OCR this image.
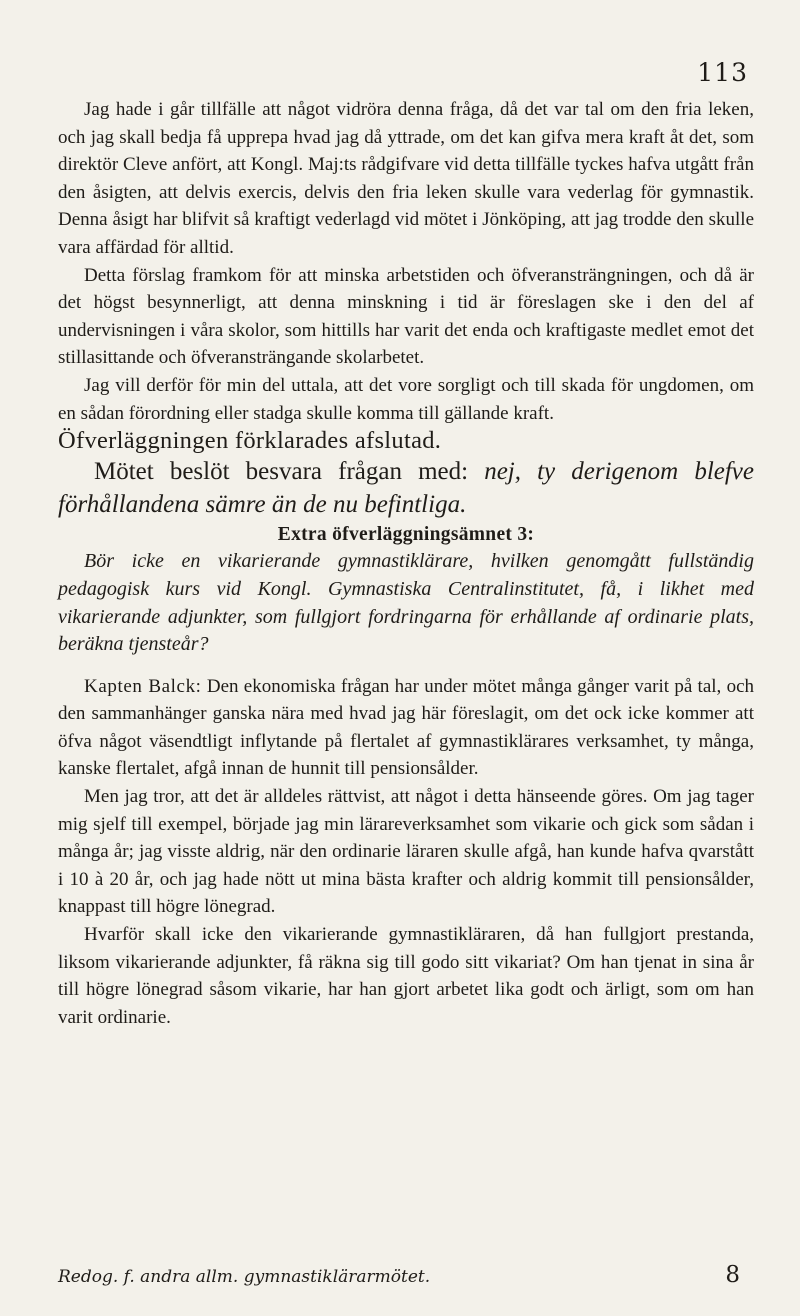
113

Jag hade i går tillfälle att något vidröra denna fråga, då det var tal om den fria leken, och jag skall bedja få upprepa hvad jag då yttrade, om det kan gifva mera kraft åt det, som direktör Cleve anfört, att Kongl. Maj:ts rådgifvare vid detta tillfälle tyckes hafva utgått från den åsigten, att delvis exercis, delvis den fria leken skulle vara vederlag för gymnastik. Denna åsigt har blifvit så kraftigt vederlagd vid mötet i Jönköping, att jag trodde den skulle vara affärdad för alltid.

Detta förslag framkom för att minska arbetstiden och öfveransträngningen, och då är det högst besynnerligt, att denna minskning i tid är föreslagen ske i den del af undervisningen i våra skolor, som hittills har varit det enda och kraftigaste medlet emot det stillasittande och öfveransträngande skolarbetet.

Jag vill derför för min del uttala, att det vore sorgligt och till skada för ungdomen, om en sådan förordning eller stadga skulle komma till gällande kraft.

Öfverläggningen förklarades afslutad.

Mötet beslöt besvara frågan med: nej, ty derigenom blefve förhållandena sämre än de nu befintliga.

Extra öfverläggningsämnet 3:

Bör icke en vikarierande gymnastiklärare, hvilken genomgått fullständig pedagogisk kurs vid Kongl. Gymnastiska Centralinstitutet, få, i likhet med vikarierande adjunkter, som fullgjort fordringarna för erhållande af ordinarie plats, beräkna tjensteår?

Kapten Balck: Den ekonomiska frågan har under mötet många gånger varit på tal, och den sammanhänger ganska nära med hvad jag här föreslagit, om det ock icke kommer att öfva något väsendtligt inflytande på flertalet af gymnastiklärares verksamhet, ty många, kanske flertalet, afgå innan de hunnit till pensionsålder.

Men jag tror, att det är alldeles rättvist, att något i detta hänseende göres. Om jag tager mig sjelf till exempel, började jag min lärareverksamhet som vikarie och gick som sådan i många år; jag visste aldrig, när den ordinarie läraren skulle afgå, han kunde hafva qvarstått i 10 à 20 år, och jag hade nött ut mina bästa krafter och aldrig kommit till pensionsålder, knappast till högre lönegrad.

Hvarför skall icke den vikarierande gymnastikläraren, då han fullgjort prestanda, liksom vikarierande adjunkter, få räkna sig till godo sitt vikariat? Om han tjenat in sina år till högre lönegrad såsom vikarie, har han gjort arbetet lika godt och ärligt, som om han varit ordinarie.

Redog. f. andra allm. gymnastiklärarmötet.	8
